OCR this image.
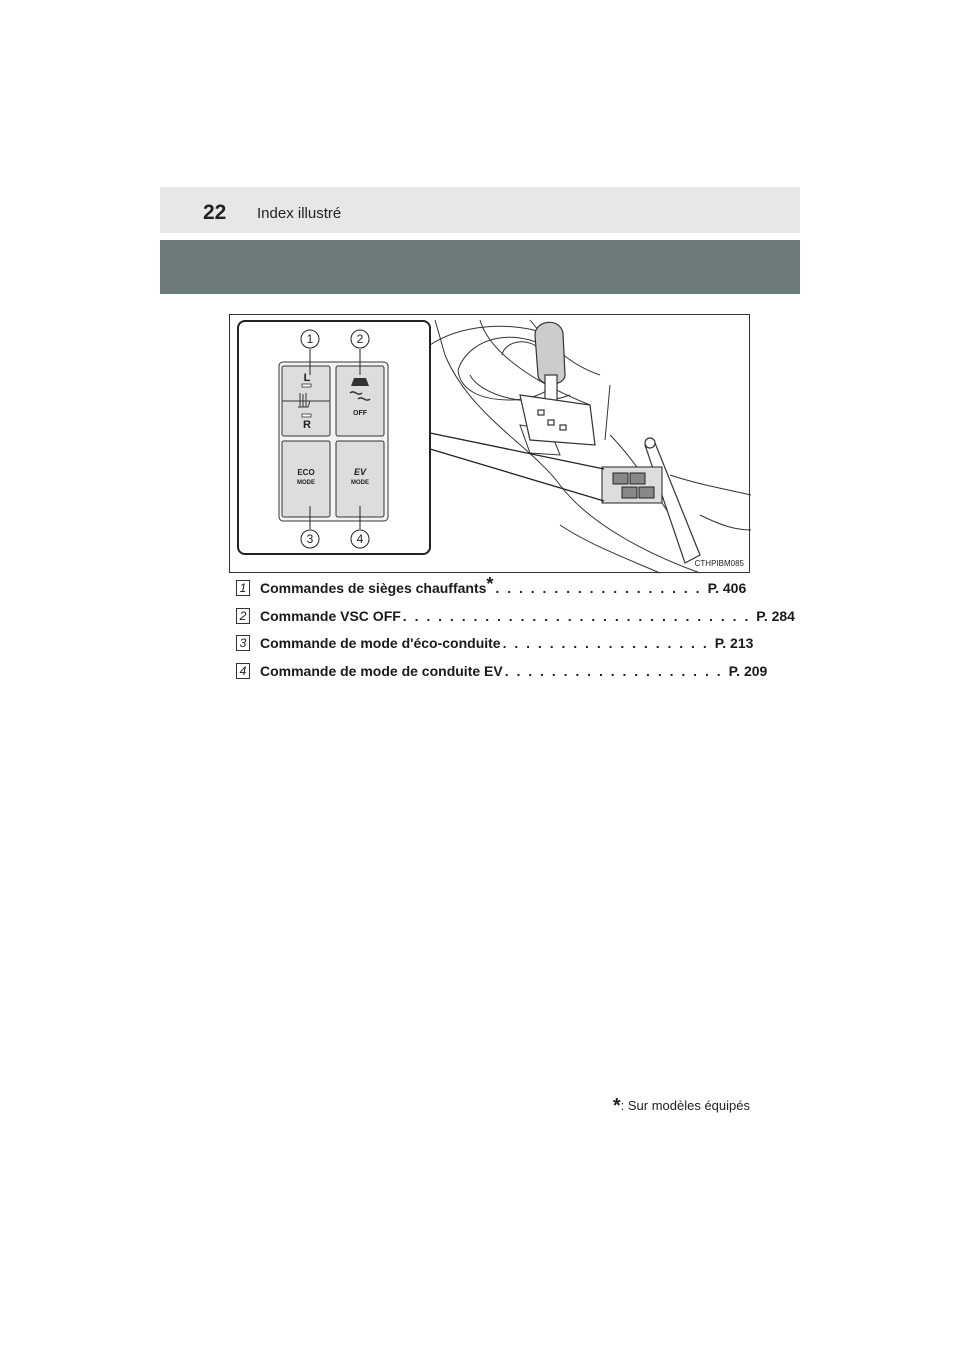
22 Index illustré
1	2
3	4
L
R
OFF
ECO
MODE
EV
MODE
CTHPIBM085
1 Commandes de sièges chauffants* . . . . . . . . . . . . . . . . . . P. 406
2 Commande VSC OFF . . . . . . . . . . . . . . . . . . . . . . . . . . . . . . P. 284
3 Commande de mode d'éco-conduite . . . . . . . . . . . . . . . . . . P. 213
4 Commande de mode de conduite EV . . . . . . . . . . . . . . . . . . . P. 209
*: Sur modèles équipés
